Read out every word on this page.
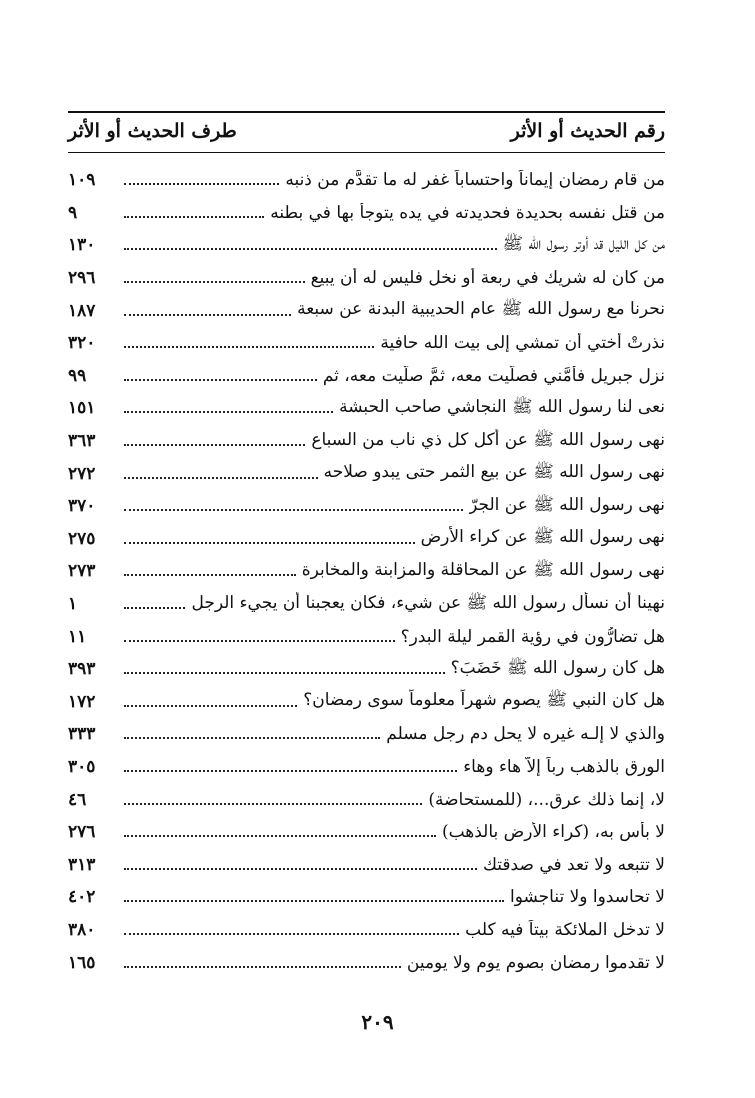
طرف الحديث أو الأثر	رقم الحديث أو الأثر
من قام رمضان إيماناً واحتساباً غفر له ما تقدَّم من ذنبه
١٠٩
من قتل نفسه بحديدة فحديدته في يده يتوجأ بها في بطنه
٩
من كل الليل قد أوتر رسول الله ﷺ
١٣٠
من كان له شريك في ربعة أو نخل فليس له أن يبيع
٢٩٦
نحرنا مع رسول الله ﷺ عام الحديبية البدنة عن سبعة
١٨٧
نذرتْ أختي أن تمشي إلى بيت الله حافية
٣٢٠
نزل جبريل فأمَّني فصلَّيت معه، ثمَّ صلَّيت معه، ثم
٩٩
نعى لنا رسول الله ﷺ النجاشي صاحب الحبشة
١٥١
نهى رسول الله ﷺ عن أكل كل ذي ناب من السباع
٣٦٣
نهى رسول الله ﷺ عن بيع الثمر حتى يبدو صلاحه
٢٧٢
نهى رسول الله ﷺ عن الجرّ
٣٧٠
نهى رسول الله ﷺ عن كراء الأرض
٢٧٥
نهى رسول الله ﷺ عن المحاقلة والمزابنة والمخابرة
٢٧٣
نهينا أن نسأل رسول الله ﷺ عن شيء، فكان يعجبنا أن يجيء الرجل
١
هل تضارُّون في رؤية القمر ليلة البدر؟
١١
هل كان رسول الله ﷺ خَضَبَ؟
٣٩٣
هل كان النبي ﷺ يصوم شهراً معلوماً سوى رمضان؟
١٧٢
والذي لا إلـه غيره لا يحل دم رجل مسلم
٣٣٣
الورق بالذهب رباً إلاّ هاء وهاء
٣٠٥
لا، إنما ذلك عرق...، (للمستحاضة)
٤٦
لا بأس به، (كراء الأرض بالذهب)
٢٧٦
لا تتبعه ولا تعد في صدقتك
٣١٣
لا تحاسدوا ولا تناجشوا
٤٠٢
لا تدخل الملائكة بيتاً فيه كلب
٣٨٠
لا تقدموا رمضان بصوم يوم ولا يومين
١٦٥
٢٠٩
